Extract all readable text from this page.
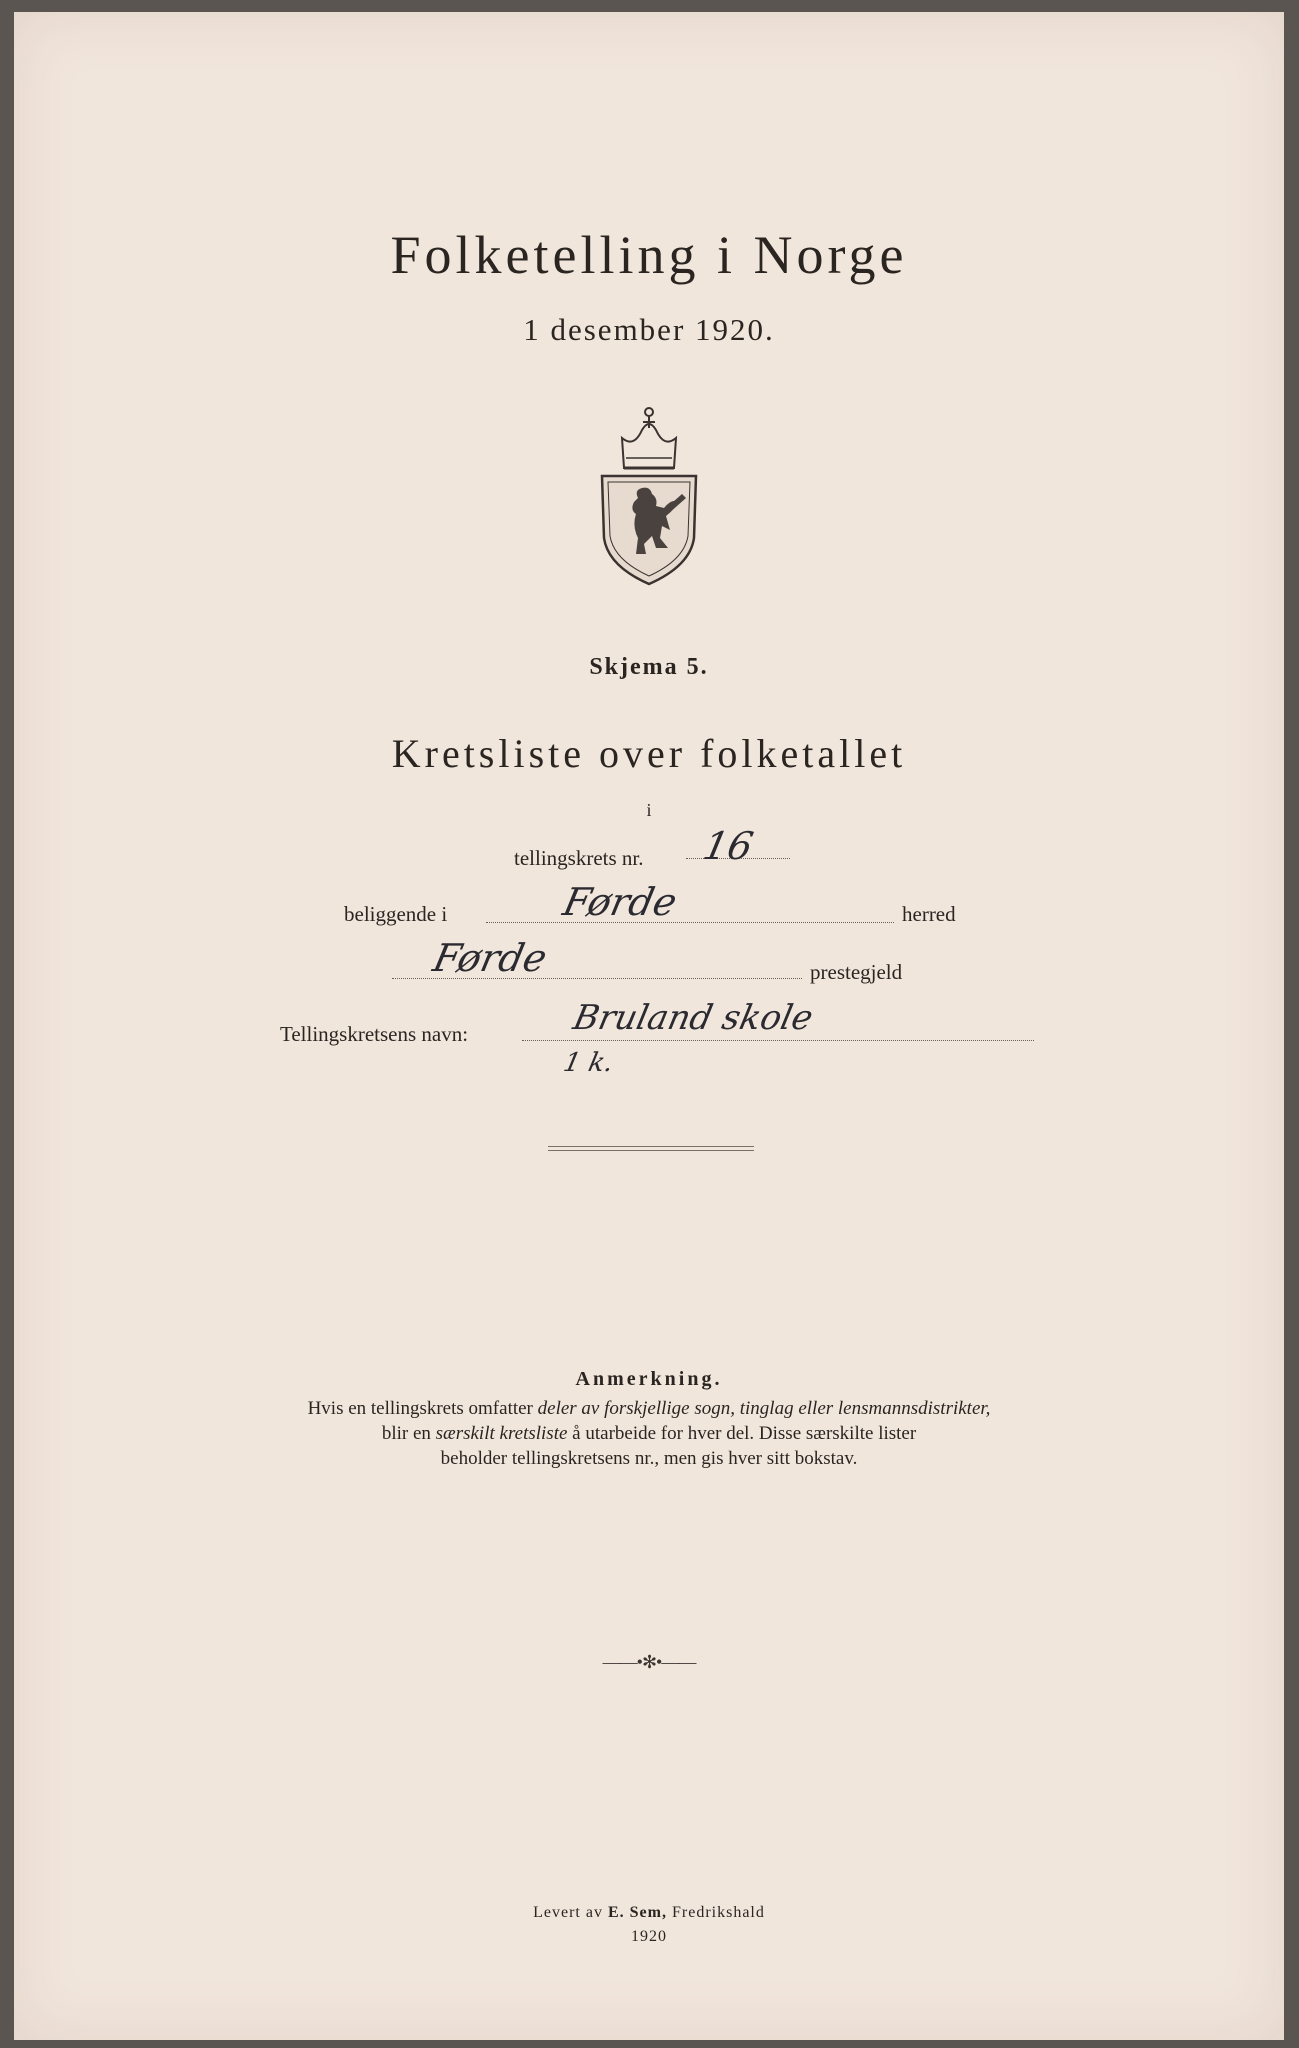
Folketelling i Norge
1 desember 1920.
Skjema 5.
Kretsliste over folketallet
i
tellingskrets nr. 16
beliggende i	Førde	herred
Førde	prestegjeld
Tellingskretsens navn:	Bruland skole
1 k.
Anmerkning.
Hvis en tellingskrets omfatter deler av forskjellige sogn, tinglag eller lensmannsdistrikter,
blir en særskilt kretsliste å utarbeide for hver del. Disse særskilte lister
beholder tellingskretsens nr., men gis hver sitt bokstav.
——•✻•——
Levert av E. Sem, Fredrikshald
1920
